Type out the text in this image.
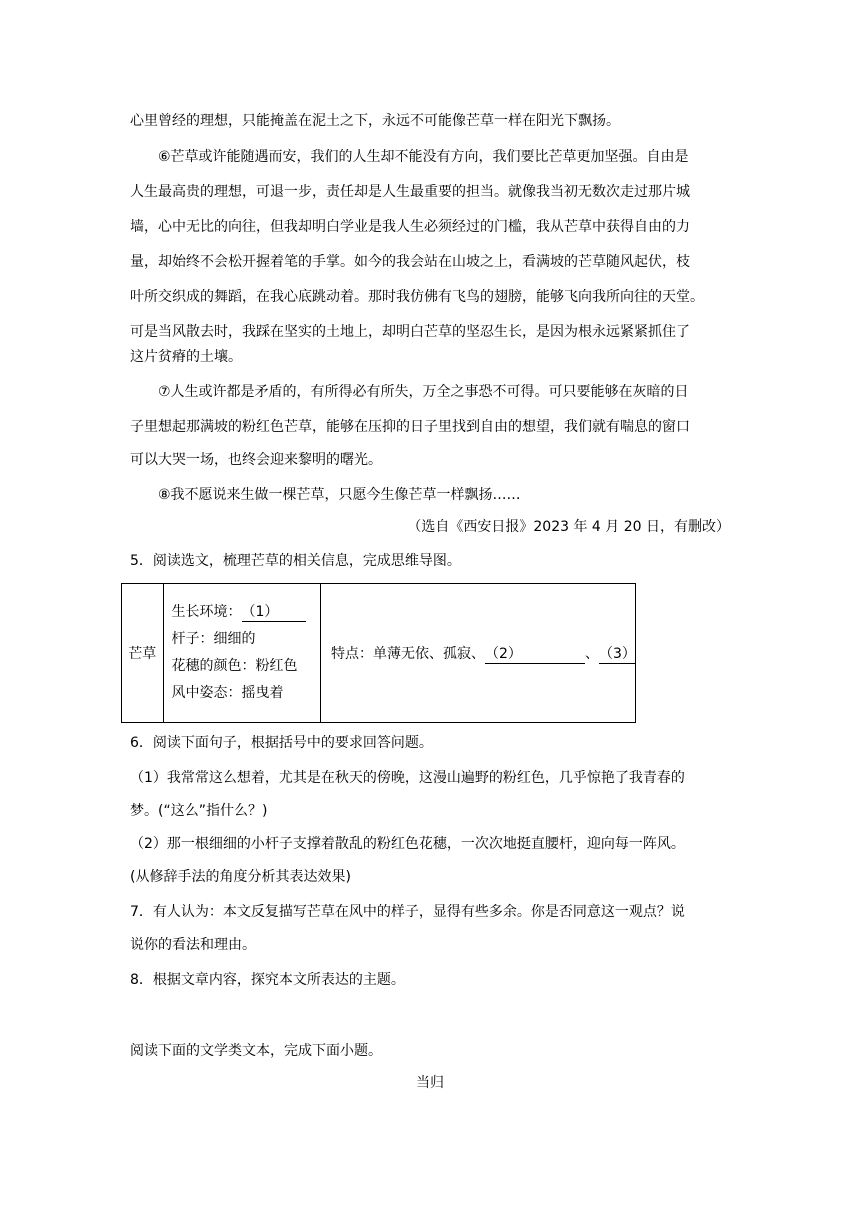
心里曾经的理想，只能掩盖在泥土之下，永远不可能像芒草一样在阳光下飘扬。
⑥芒草或许能随遇而安，我们的人生却不能没有方向，我们要比芒草更加坚强。自由是
人生最高贵的理想，可退一步，责任却是人生最重要的担当。就像我当初无数次走过那片城
墙，心中无比的向往，但我却明白学业是我人生必须经过的门槛，我从芒草中获得自由的力
量，却始终不会松开握着笔的手掌。如今的我会站在山坡之上，看满坡的芒草随风起伏，枝
叶所交织成的舞蹈，在我心底跳动着。那时我仿佛有飞鸟的翅膀，能够飞向我所向往的天堂。
可是当风散去时，我踩在坚实的土地上，却明白芒草的坚忍生长，是因为根永远紧紧抓住了
这片贫瘠的土壤。
⑦人生或许都是矛盾的，有所得必有所失，万全之事恐不可得。可只要能够在灰暗的日
子里想起那满坡的粉红色芒草，能够在压抑的日子里找到自由的想望，我们就有喘息的窗口
可以大哭一场，也终会迎来黎明的曙光。
⑧我不愿说来生做一棵芒草，只愿今生像芒草一样飘扬……
（选自《西安日报》2023 年 4 月 20 日，有删改）
5．阅读选文，梳理芒草的相关信息，完成思维导图。
芒草	
生长环境：（1）
杆子：细细的
花穗的颜色：粉红色
风中姿态：摇曳着
	特点：单薄无依、孤寂、（2）	、（3）
6．阅读下面句子，根据括号中的要求回答问题。
（1）我常常这么想着，尤其是在秋天的傍晚，这漫山遍野的粉红色，几乎惊艳了我青春的
梦。(“这么”指什么？)
（2）那一根细细的小杆子支撑着散乱的粉红色花穗，一次次地挺直腰杆，迎向每一阵风。
(从修辞手法的角度分析其表达效果)
7．有人认为：本文反复描写芒草在风中的样子，显得有些多余。你是否同意这一观点？说
说你的看法和理由。
8．根据文章内容，探究本文所表达的主题。
阅读下面的文学类文本，完成下面小题。
当归
